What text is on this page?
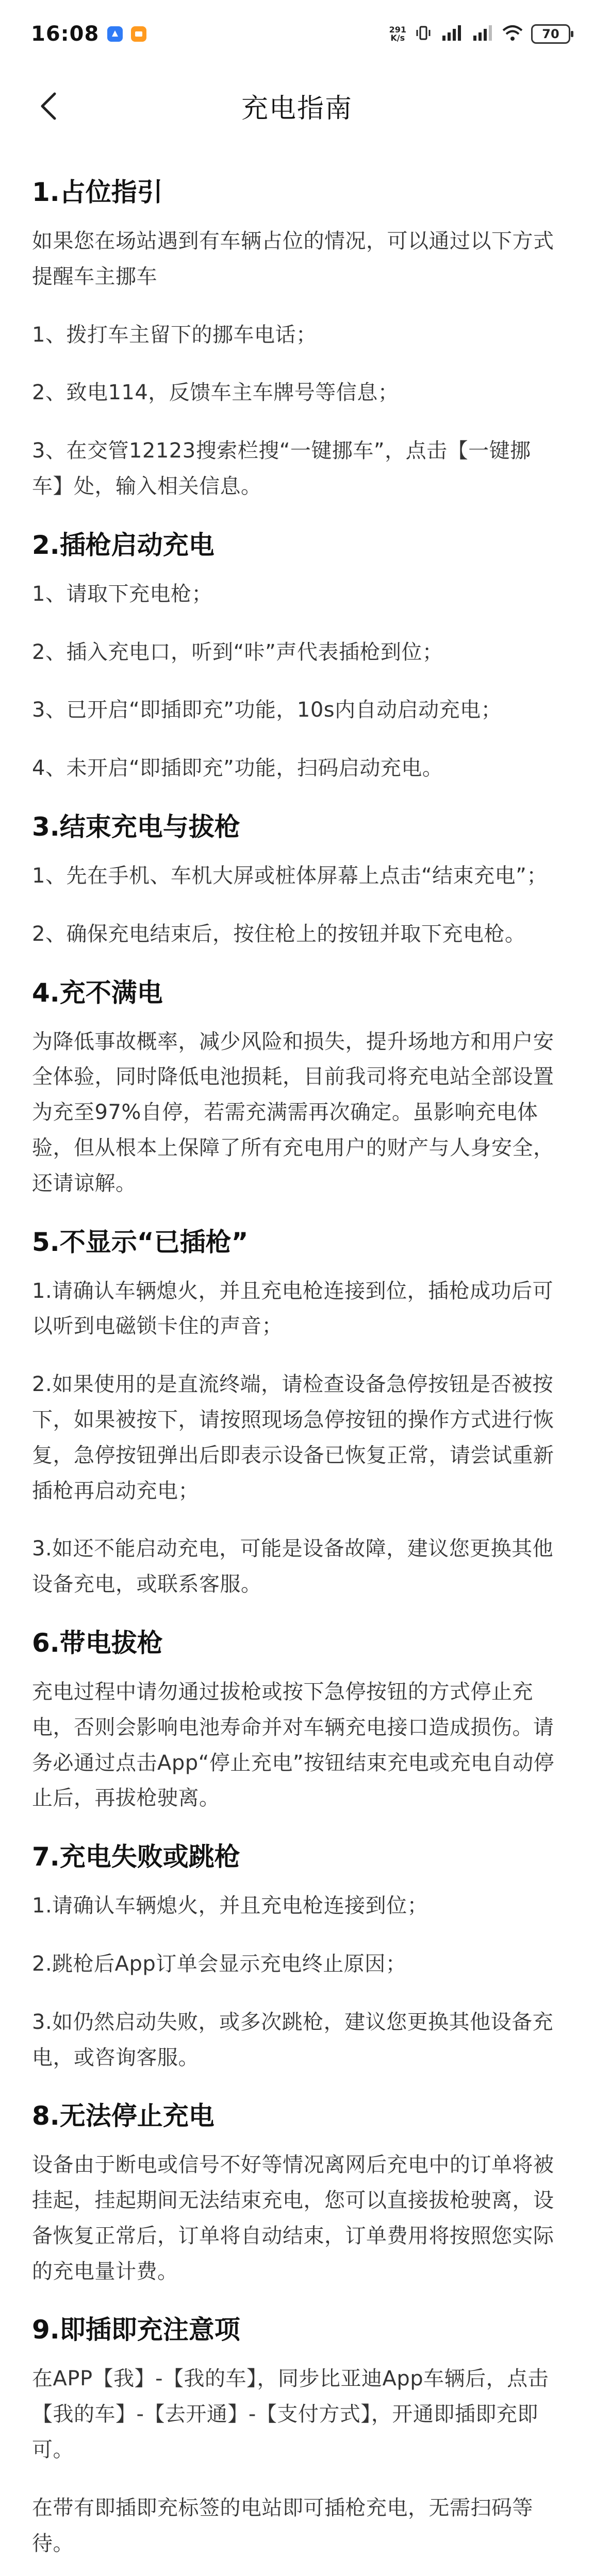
16:08	291
K/s	70
充电指南
1.占位指引

如果您在场站遇到有车辆占位的情况，可以通过以下方式提醒车主挪车

1、拨打车主留下的挪车电话；

2、致电114，反馈车主车牌号等信息；

3、在交管12123搜索栏搜“一键挪车”，点击【一键挪车】处，输入相关信息。

2.插枪启动充电

1、请取下充电枪；

2、插入充电口，听到“咔”声代表插枪到位；

3、已开启“即插即充”功能，10s内自动启动充电；

4、未开启“即插即充”功能，扫码启动充电。

3.结束充电与拔枪

1、先在手机、车机大屏或桩体屏幕上点击“结束充电”；

2、确保充电结束后，按住枪上的按钮并取下充电枪。

4.充不满电

为降低事故概率，减少风险和损失，提升场地方和用户安全体验，同时降低电池损耗，目前我司将充电站全部设置为充至97%自停，若需充满需再次确定。虽影响充电体验，但从根本上保障了所有充电用户的财产与人身安全，还请谅解。

5.不显示“已插枪”

1.请确认车辆熄火，并且充电枪连接到位，插枪成功后可以听到电磁锁卡住的声音；

2.如果使用的是直流终端，请检查设备急停按钮是否被按下，如果被按下，请按照现场急停按钮的操作方式进行恢复，急停按钮弹出后即表示设备已恢复正常，请尝试重新插枪再启动充电；

3.如还不能启动充电，可能是设备故障，建议您更换其他设备充电，或联系客服。

6.带电拔枪

充电过程中请勿通过拔枪或按下急停按钮的方式停止充电，否则会影响电池寿命并对车辆充电接口造成损伤。请务必通过点击App“停止充电”按钮结束充电或充电自动停止后，再拔枪驶离。

7.充电失败或跳枪

1.请确认车辆熄火，并且充电枪连接到位；

2.跳枪后App订单会显示充电终止原因；

3.如仍然启动失败，或多次跳枪，建议您更换其他设备充电，或咨询客服。

8.无法停止充电

设备由于断电或信号不好等情况离网后充电中的订单将被挂起，挂起期间无法结束充电，您可以直接拔枪驶离，设备恢复正常后，订单将自动结束，订单费用将按照您实际的充电量计费。

9.即插即充注意项

在APP【我】-【我的车】，同步比亚迪App车辆后，点击【我的车】-【去开通】-【支付方式】，开通即插即充即可。

在带有即插即充标签的电站即可插枪充电，无需扫码等待。
